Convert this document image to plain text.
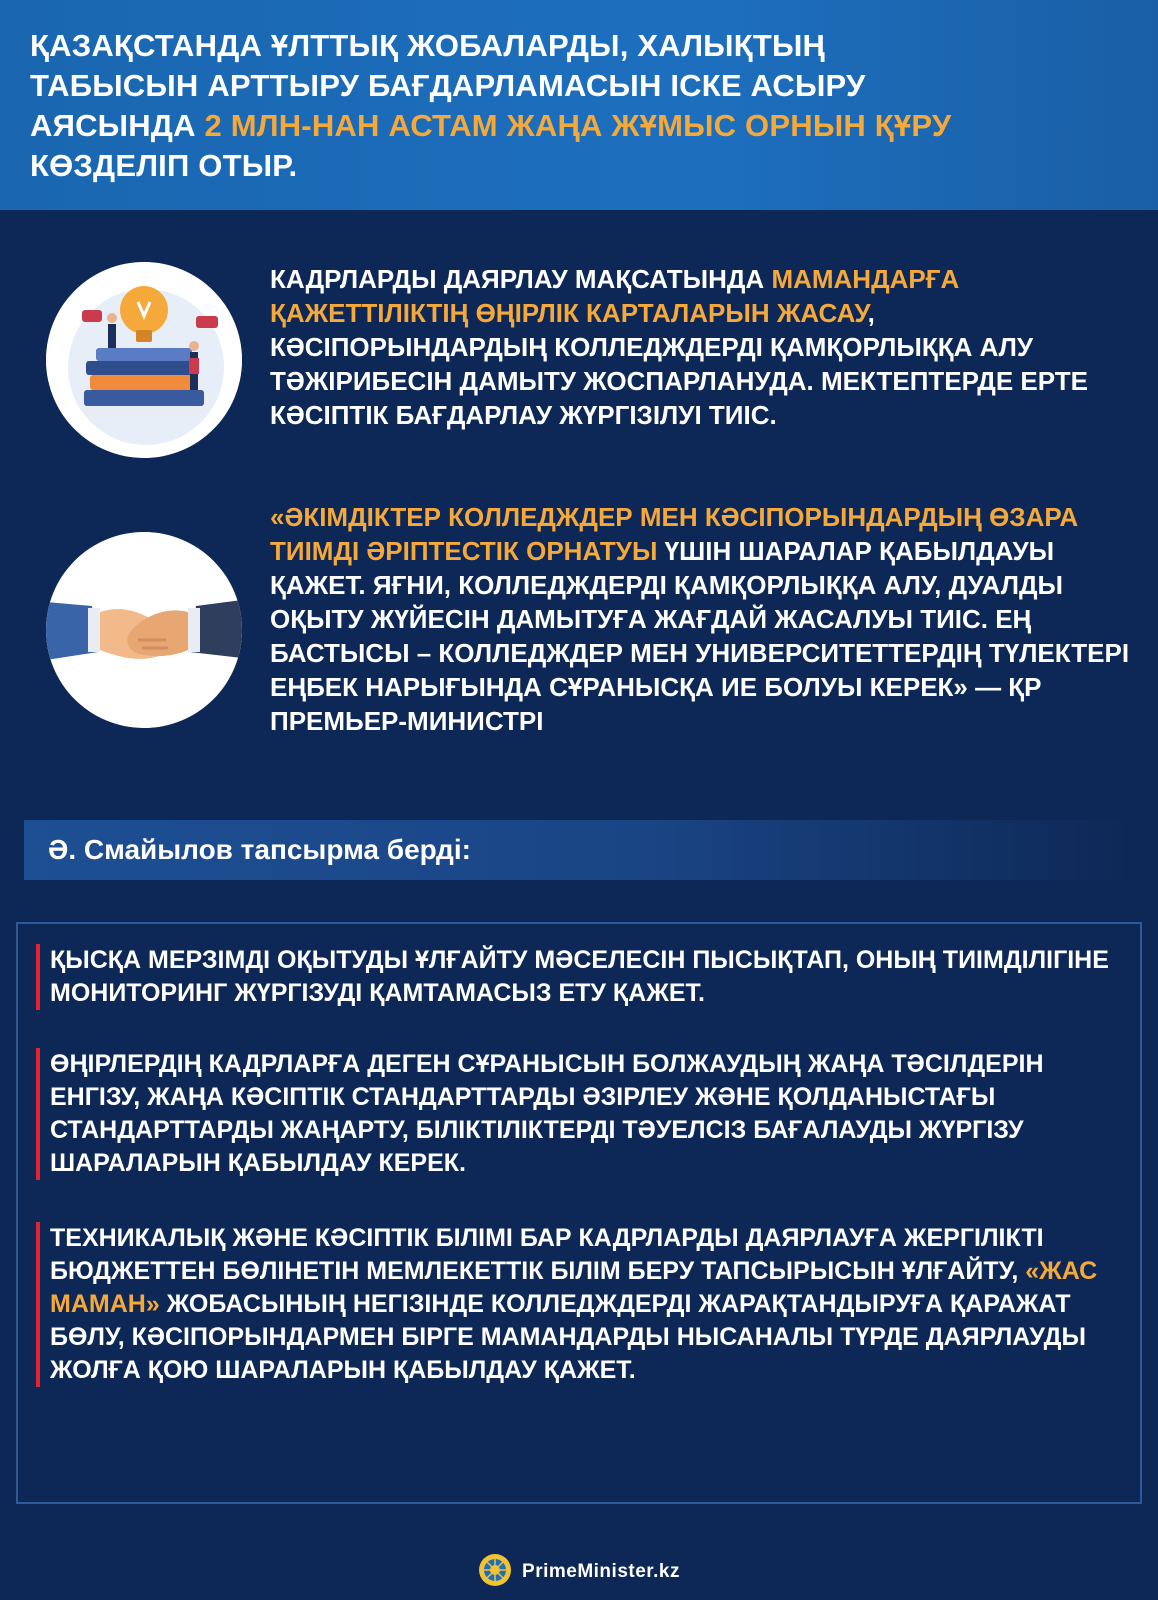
ҚАЗАҚСТАНДА ҰЛТТЫҚ ЖОБАЛАРДЫ, ХАЛЫҚТЫҢ
ТАБЫСЫН АРТТЫРУ БАҒДАРЛАМАСЫН ІСКЕ АСЫРУ
АЯСЫНДА 2 МЛН-НАН АСТАМ ЖАҢА ЖҰМЫС ОРНЫН ҚҰРУ
КӨЗДЕЛІП ОТЫР.

КАДРЛАРДЫ ДАЯРЛАУ МАҚСАТЫНДА МАМАНДАРҒА ҚАЖЕТТІЛІКТІҢ ӨҢІРЛІК КАРТАЛАРЫН ЖАСАУ, КӘСІПОРЫНДАРДЫҢ КОЛЛЕДЖДЕРДІ ҚАМҚОРЛЫҚҚА АЛУ ТӘЖІРИБЕСІН ДАМЫТУ ЖОСПАРЛАНУДА. МЕКТЕПТЕРДЕ ЕРТЕ КӘСІПТІК БАҒДАРЛАУ ЖҮРГІЗІЛУІ ТИІС.

«ӘКІМДІКТЕР КОЛЛЕДЖДЕР МЕН КӘСІПОРЫНДАРДЫҢ ӨЗАРА ТИІМДІ ӘРІПТЕСТІК ОРНАТУЫ ҮШІН ШАРАЛАР ҚАБЫЛДАУЫ ҚАЖЕТ. ЯҒНИ, КОЛЛЕДЖДЕРДІ ҚАМҚОРЛЫҚҚА АЛУ, ДУАЛДЫ ОҚЫТУ ЖҮЙЕСІН ДАМЫТУҒА ЖАҒДАЙ ЖАСАЛУЫ ТИІС. ЕҢ БАСТЫСЫ – КОЛЛЕДЖДЕР МЕН УНИВЕРСИТЕТТЕРДІҢ ТҮЛЕКТЕРІ ЕҢБЕК НАРЫҒЫНДА СҰРАНЫСҚА ИЕ БОЛУЫ КЕРЕК» — ҚР ПРЕМЬЕР-МИНИСТРІ

Ә. Смайылов тапсырма берді:

ҚЫСҚА МЕРЗІМДІ ОҚЫТУДЫ ҰЛҒАЙТУ МӘСЕЛЕСІН ПЫСЫҚТАП, ОНЫҢ ТИІМДІЛІГІНЕ МОНИТОРИНГ ЖҮРГІЗУДІ ҚАМТАМАСЫЗ ЕТУ ҚАЖЕТ.

ӨҢІРЛЕРДІҢ КАДРЛАРҒА ДЕГЕН СҰРАНЫСЫН БОЛЖАУДЫҢ ЖАҢА ТӘСІЛДЕРІН ЕНГІЗУ, ЖАҢА КӘСІПТІК СТАНДАРТТАРДЫ ӘЗІРЛЕУ ЖӘНЕ ҚОЛДАНЫСТАҒЫ СТАНДАРТТАРДЫ ЖАҢАРТУ, БІЛІКТІЛІКТЕРДІ ТӘУЕЛСІЗ БАҒАЛАУДЫ ЖҮРГІЗУ ШАРАЛАРЫН ҚАБЫЛДАУ КЕРЕК.

ТЕХНИКАЛЫҚ ЖӘНЕ КӘСІПТІК БІЛІМІ БАР КАДРЛАРДЫ ДАЯРЛАУҒА ЖЕРГІЛІКТІ БЮДЖЕТТЕН БӨЛІНЕТІН МЕМЛЕКЕТТІК БІЛІМ БЕРУ ТАПСЫРЫСЫН ҰЛҒАЙТУ, «ЖАС МАМАН» ЖОБАСЫНЫҢ НЕГІЗІНДЕ КОЛЛЕДЖДЕРДІ ЖАРАҚТАНДЫРУҒА ҚАРАЖАТ БӨЛУ, КӘСІПОРЫНДАРМЕН БІРГЕ МАМАНДАРДЫ НЫСАНАЛЫ ТҮРДЕ ДАЯРЛАУДЫ ЖОЛҒА ҚОЮ ШАРАЛАРЫН ҚАБЫЛДАУ ҚАЖЕТ.

PrimeMinister.kz
